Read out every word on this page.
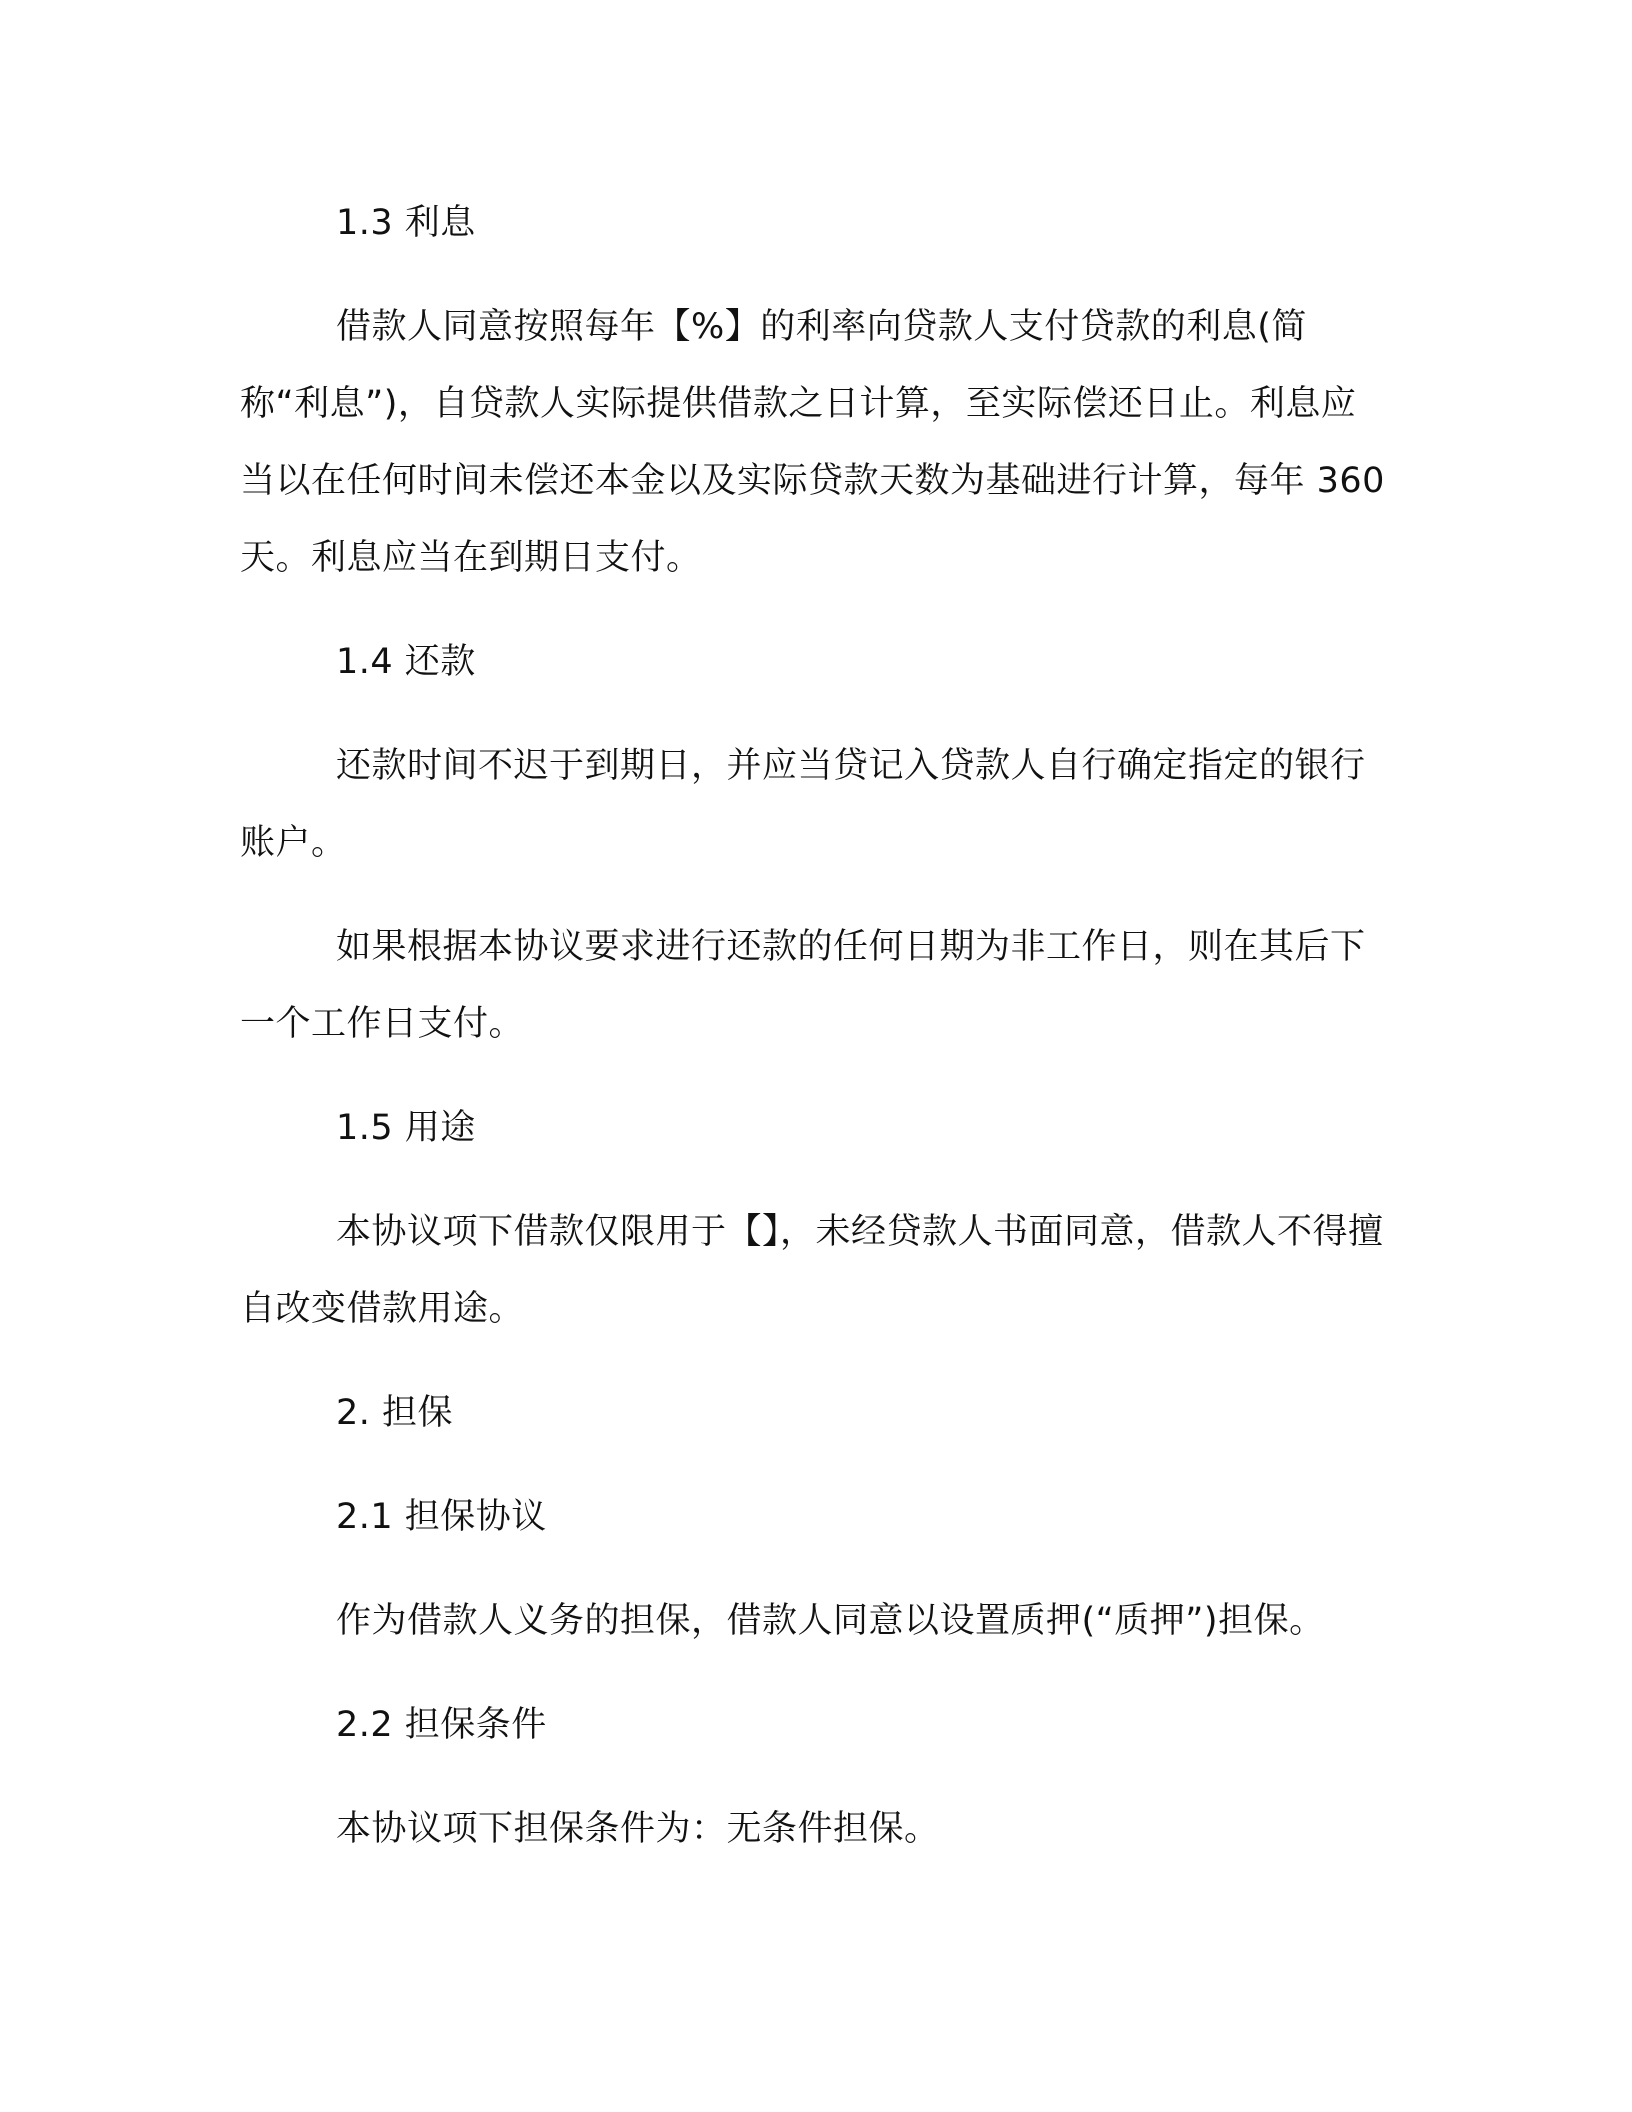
1.3 利息

借款人同意按照每年【%】的利率向贷款人支付贷款的利息(简称“利息”)，自贷款人实际提供借款之日计算，至实际偿还日止。利息应当以在任何时间未偿还本金以及实际贷款天数为基础进行计算，每年 360 天。利息应当在到期日支付。

1.4 还款

还款时间不迟于到期日，并应当贷记入贷款人自行确定指定的银行账户。

如果根据本协议要求进行还款的任何日期为非工作日，则在其后下一个工作日支付。

1.5 用途

本协议项下借款仅限用于【】，未经贷款人书面同意，借款人不得擅自改变借款用途。

2. 担保

2.1 担保协议

作为借款人义务的担保，借款人同意以设置质押(“质押”)担保。

2.2 担保条件

本协议项下担保条件为：无条件担保。
